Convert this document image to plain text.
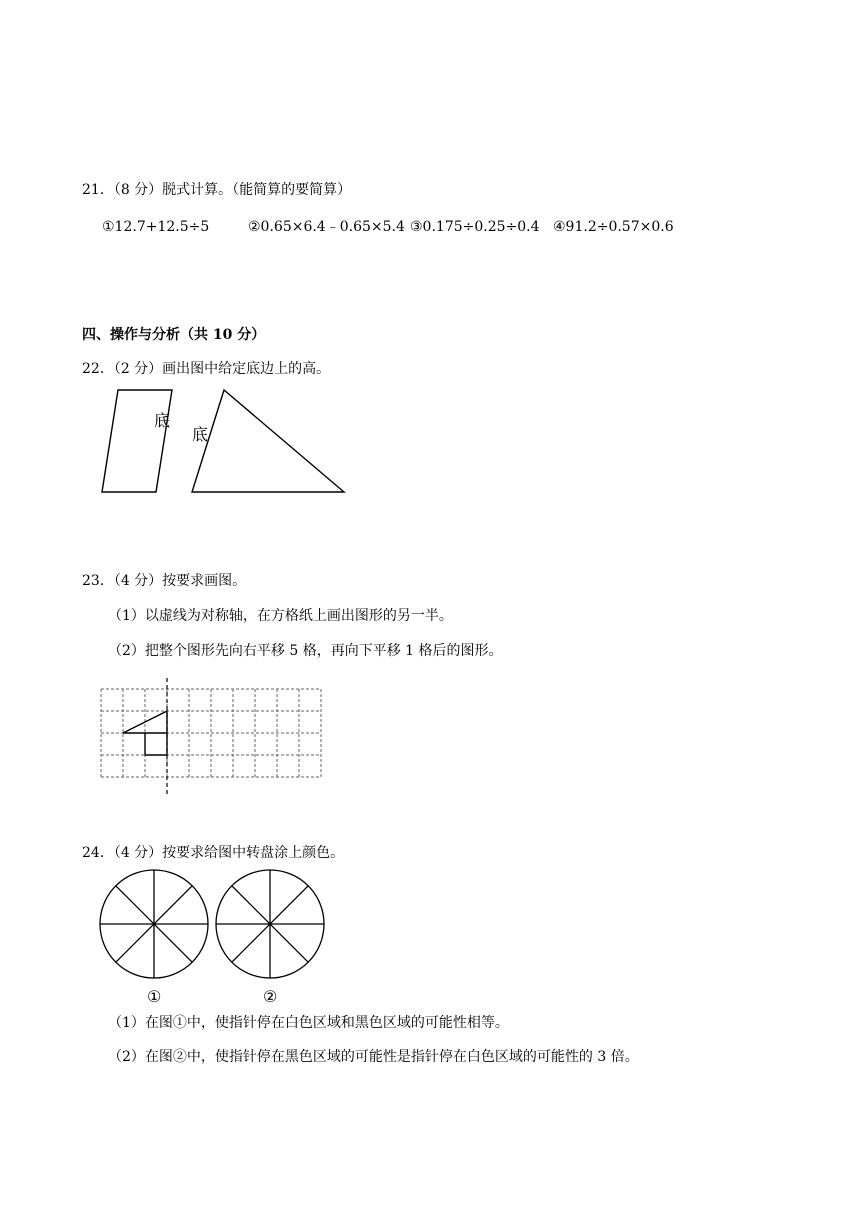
21．（8 分）脱式计算。（能简算的要简算）
①12.7+12.5÷5	②0.65×6.4﹣0.65×5.4 ③0.175÷0.25÷0.4 ④91.2÷0.57×0.6
四、操作与分析（共 10 分）
22．（2 分）画出图中给定底边上的高。
底
底
23．（4 分）按要求画图。
（1）以虚线为对称轴，在方格纸上画出图形的另一半。
（2）把整个图形先向右平移 5 格，再向下平移 1 格后的图形。
24．（4 分）按要求给图中转盘涂上颜色。
①	②
（1）在图①中，使指针停在白色区域和黑色区域的可能性相等。
（2）在图②中，使指针停在黑色区域的可能性是指针停在白色区域的可能性的 3 倍。
